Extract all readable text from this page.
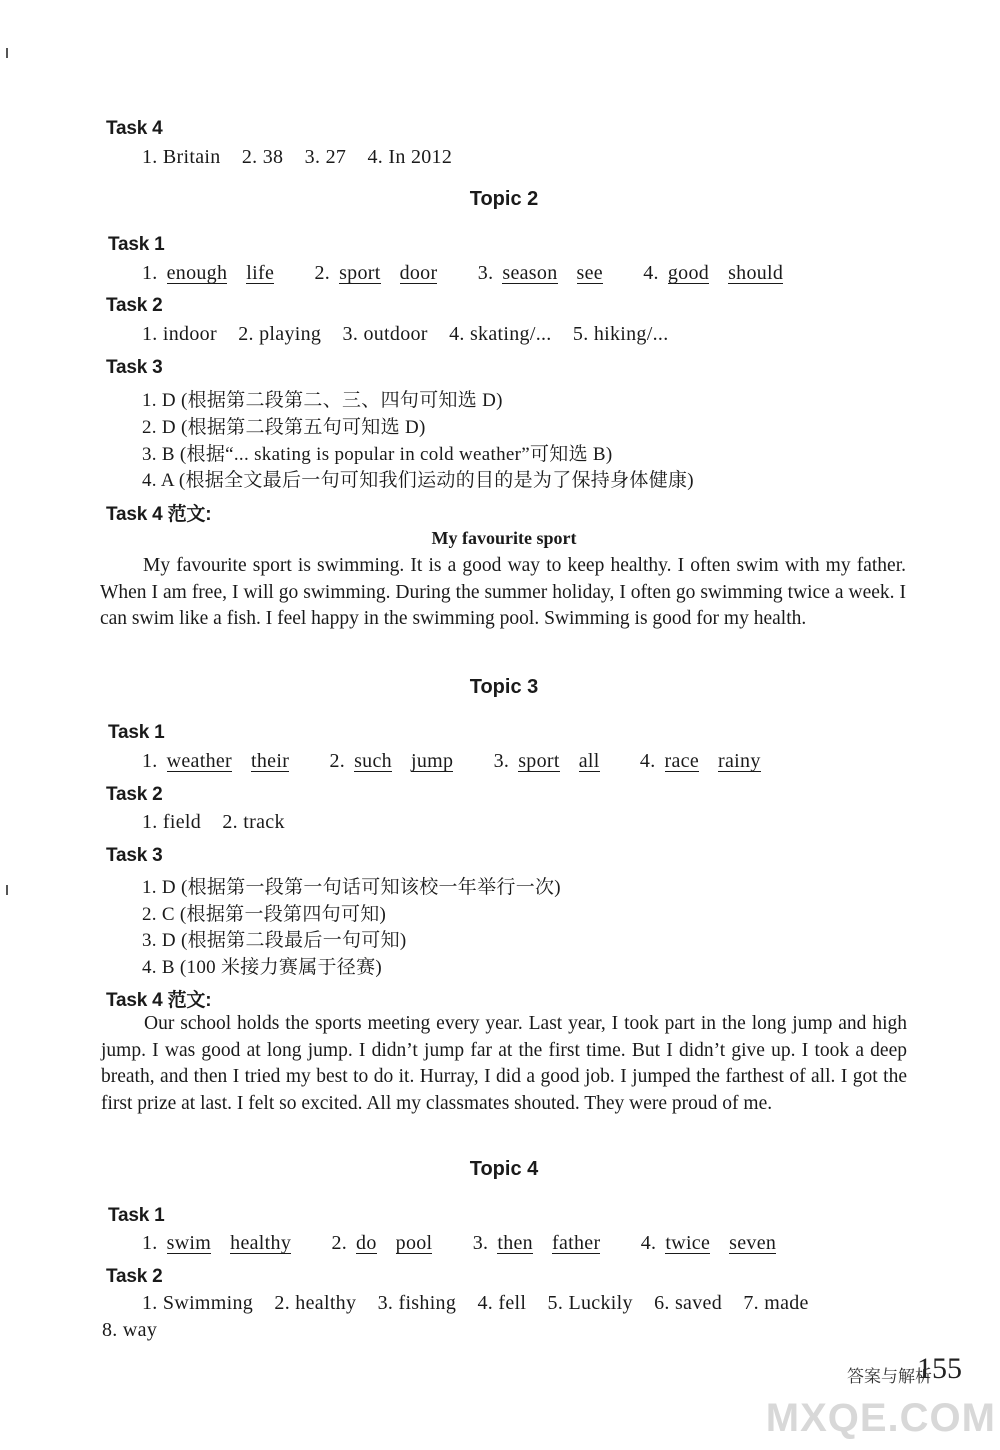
Task 4
1. Britain 2. 38 3. 27 4. In 2012
Topic 2
Task 1
1. enough life 2. sport door 3. season see 4. good should
Task 2
1. indoor 2. playing 3. outdoor 4. skating/... 5. hiking/...
Task 3
1. D (根据第二段第二、三、四句可知选 D)
2. D (根据第二段第五句可知选 D)
3. B (根据“... skating is popular in cold weather”可知选 B)
4. A (根据全文最后一句可知我们运动的目的是为了保持身体健康)
Task 4 范文:
My favourite sport
My favourite sport is swimming. It is a good way to keep healthy. I often swim with my father. When I am free, I will go swimming. During the summer holiday, I often go swimming twice a week. I can swim like a fish. I feel happy in the swimming pool. Swimming is good for my health.
Topic 3
Task 1
1. weather their 2. such jump 3. sport all 4. race rainy
Task 2
1. field 2. track
Task 3
1. D (根据第一段第一句话可知该校一年举行一次)
2. C (根据第一段第四句可知)
3. D (根据第二段最后一句可知)
4. B (100 米接力赛属于径赛)
Task 4 范文:
Our school holds the sports meeting every year. Last year, I took part in the long jump and high jump. I was good at long jump. I didn’t jump far at the first time. But I didn’t give up. I took a deep breath, and then I tried my best to do it. Hurray, I did a good job. I jumped the farthest of all. I got the first prize at last. I felt so excited. All my classmates shouted. They were proud of me.
Topic 4
Task 1
1. swim healthy 2. do pool 3. then father 4. twice seven
Task 2
1. Swimming 2. healthy 3. fishing 4. fell 5. Luckily 6. saved 7. made
8. way
答案与解析
155
MXQE.COM
